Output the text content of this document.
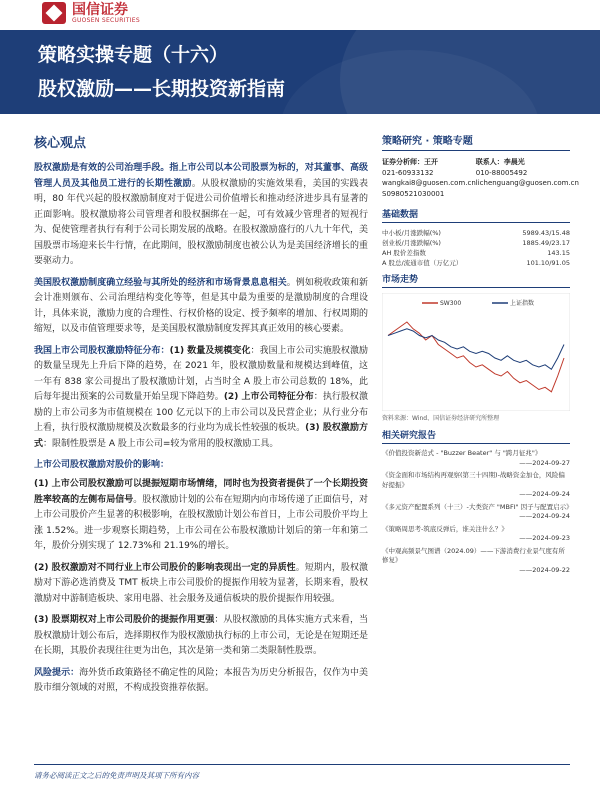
国信证券
GUOSEN SECURITIES
策略实操专题（十六）
股权激励——长期投资新指南
核心观点

股权激励是有效的公司治理手段。指上市公司以本公司股票为标的，对其董事、高级管理人员及其他员工进行的长期性激励。从股权激励的实施效果看，美国的实践表明，80 年代兴起的股权激励制度对于促进公司价值增长和推动经济进步具有显著的正面影响。股权激励将公司管理者和股权捆绑在一起，可有效减少管理者的短视行为、促使管理者执行有利于公司长期发展的战略。在股权激励盛行的八九十年代，美国股票市场迎来长牛行情，在此期间，股权激励制度也被公认为是美国经济增长的重要驱动力。

美国股权激励制度确立经验与其所处的经济和市场背景息息相关。例如税收政策和新会计准则颁布、公司治理结构变化等等，但是其中最为重要的是激励制度的合理设计，具体来说，激励力度的合理性、行权价格的设定、授予频率的增加、行权周期的缩短，以及市值管理要求等，是美国股权激励制度发挥其真正效用的核心要素。

我国上市公司股权激励特征分布：(1) 数量及规模变化：我国上市公司实施股权激励的数量呈现先上升后下降的趋势，在 2021 年，股权激励数量和规模达到峰值，这一年有 838 家公司提出了股权激励计划，占当时全 A 股上市公司总数的 18%，此后每年提出预案的公司数量开始呈现下降趋势。(2) 上市公司特征分布：执行股权激励的上市公司多为市值规模在 100 亿元以下的上市公司以及民营企业；从行业分布上看，执行股权激励规模及次数最多的行业均为成长性较强的板块。(3) 股权激励方式：限制性股票是 A 股上市公司=较为常用的股权激励工具。

上市公司股权激励对股价的影响：

(1) 上市公司股权激励可以提振短期市场情绪，同时也为投资者提供了一个长期投资胜率较高的左侧布局信号。股权激励计划的公布在短期内向市场传递了正面信号，对上市公司股价产生显著的积极影响，在股权激励计划公布首日，上市公司股价平均上涨 1.52%。进一步观察长期趋势，上市公司在公布股权激励计划后的第一年和第二年，股价分别实现了 12.73%和 21.19%的增长。

(2) 股权激励对不同行业上市公司股价的影响表现出一定的异质性。短期内，股权激励对下游必选消费及 TMT 板块上市公司股价的提振作用较为显著，长期来看，股权激励对中游制造板块、家用电器、社会服务及通信板块的股价提振作用较强。

(3) 股票期权对上市公司股价的提振作用更强：从股权激励的具体实施方式来看，当股权激励计划公布后，选择期权作为股权激励执行标的上市公司，无论是在短期还是在长期，其股价表现往往更为出色，其次是第一类和第二类限制性股票。

风险提示：海外货币政策路径不确定性的风险；本报告为历史分析报告，仅作为中美股市细分领域的对照，不构成投资推荐依据。

策略研究 · 策略专题
证券分析师：王开
021-60933132
wangkai8@guosen.com.cn
S0980521030001
联系人：李晨光
010-88005492
lichenguang@guosen.com.cn
基础数据
中小板/月涨跌幅(%)	5989.43/15.48
创业板/月涨跌幅(%)	1885.49/23.17
AH 股价差指数	143.15
A 股总/流通市值（万亿元）	101.10/91.05
市场走势
SW300	上证指数
资料来源：Wind、国信证券经济研究所整理
相关研究报告
《价值投资新范式 - "Buzzer Beater" 与 "跨月征兆"》
——2024-09-27
《资金面和市场结构再观察(第三十四期)-战略资金加仓，风险偏好提振》
——2024-09-24
《多元资产配置系列（十三）-大类资产 "MBFI" 因子与配置启示》
——2024-09-24
《策略周思考-筑底反弹后，谁关注什么？》
——2024-09-23
《中观高频景气图谱（2024.09）——下游消费行业景气度有所修复》
——2024-09-22
请务必阅读正文之后的免责声明及其项下所有内容
